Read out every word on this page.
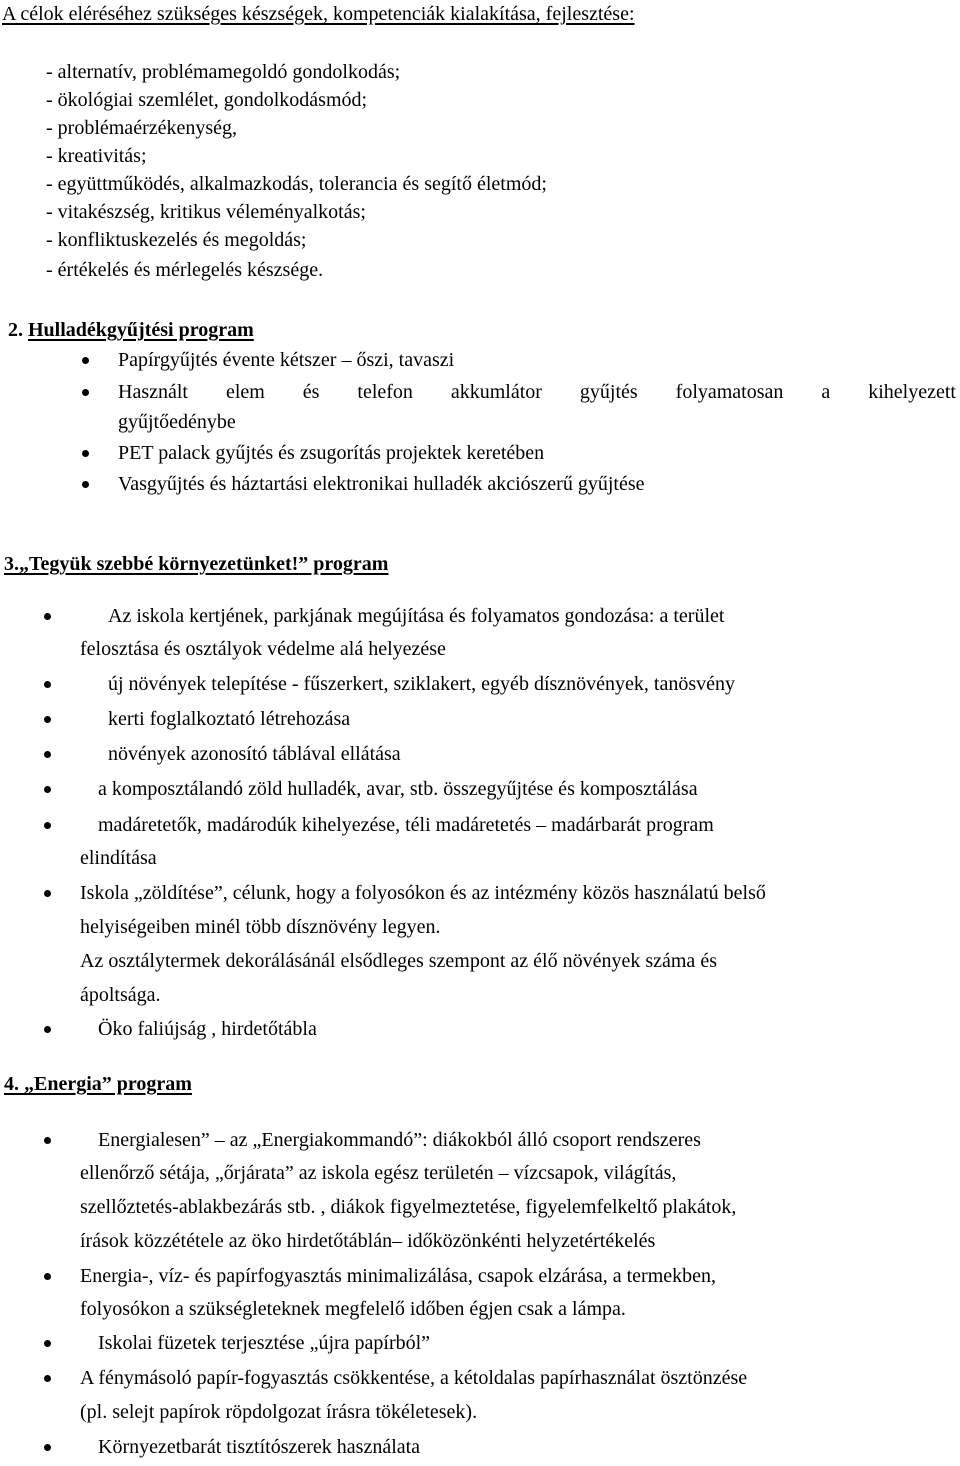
A célok eléréséhez szükséges készségek, kompetenciák kialakítása, fejlesztése:
- alternatív, problémamegoldó gondolkodás;
- ökológiai szemlélet, gondolkodásmód;
- problémaérzékenység,
- kreativitás;
- együttműködés, alkalmazkodás, tolerancia és segítő életmód;
- vitakészség, kritikus véleményalkotás;
- konfliktuskezelés és megoldás;
- értékelés és mérlegelés készsége.
2. Hulladékgyűjtési program
Papírgyűjtés évente kétszer – őszi, tavaszi
Használt elem és telefon akkumlátor gyűjtés folyamatosan a kihelyezett
gyűjtőedénybe
PET palack gyűjtés és zsugorítás projektek keretében
Vasgyűjtés és háztartási elektronikai hulladék akciószerű gyűjtése
3.„Tegyük szebbé környezetünket!” program
Az iskola kertjének, parkjának megújítása és folyamatos gondozása: a terület
felosztása és osztályok védelme alá helyezése
új növények telepítése - fűszerkert, sziklakert, egyéb dísznövények, tanösvény
kerti foglalkoztató létrehozása
növények azonosító táblával ellátása
a komposztálandó zöld hulladék, avar, stb. összegyűjtése és komposztálása
madáretetők, madárodúk kihelyezése, téli madáretetés – madárbarát program
elindítása
Iskola „zöldítése”, célunk, hogy a folyosókon és az intézmény közös használatú belső
helyiségeiben minél több dísznövény legyen.
Az osztálytermek dekorálásánál elsődleges szempont az élő növények száma és
ápoltsága.
Öko faliújság , hirdetőtábla
4. „Energia” program
Energialesen” – az „Energiakommandó”: diákokból álló csoport rendszeres
ellenőrző sétája, „őrjárata” az iskola egész területén – vízcsapok, világítás,
szellőztetés-ablakbezárás stb. , diákok figyelmeztetése, figyelemfelkeltő plakátok,
írások közzététele az öko hirdetőtáblán– időközönkénti helyzetértékelés
Energia-, víz- és papírfogyasztás minimalizálása, csapok elzárása, a termekben,
folyosókon a szükségleteknek megfelelő időben égjen csak a lámpa.
Iskolai füzetek terjesztése „újra papírból”
A fénymásoló papír-fogyasztás csökkentése, a kétoldalas papírhasználat ösztönzése
(pl. selejt papírok röpdolgozat írásra tökéletesek).
Környezetbarát tisztítószerek használata
